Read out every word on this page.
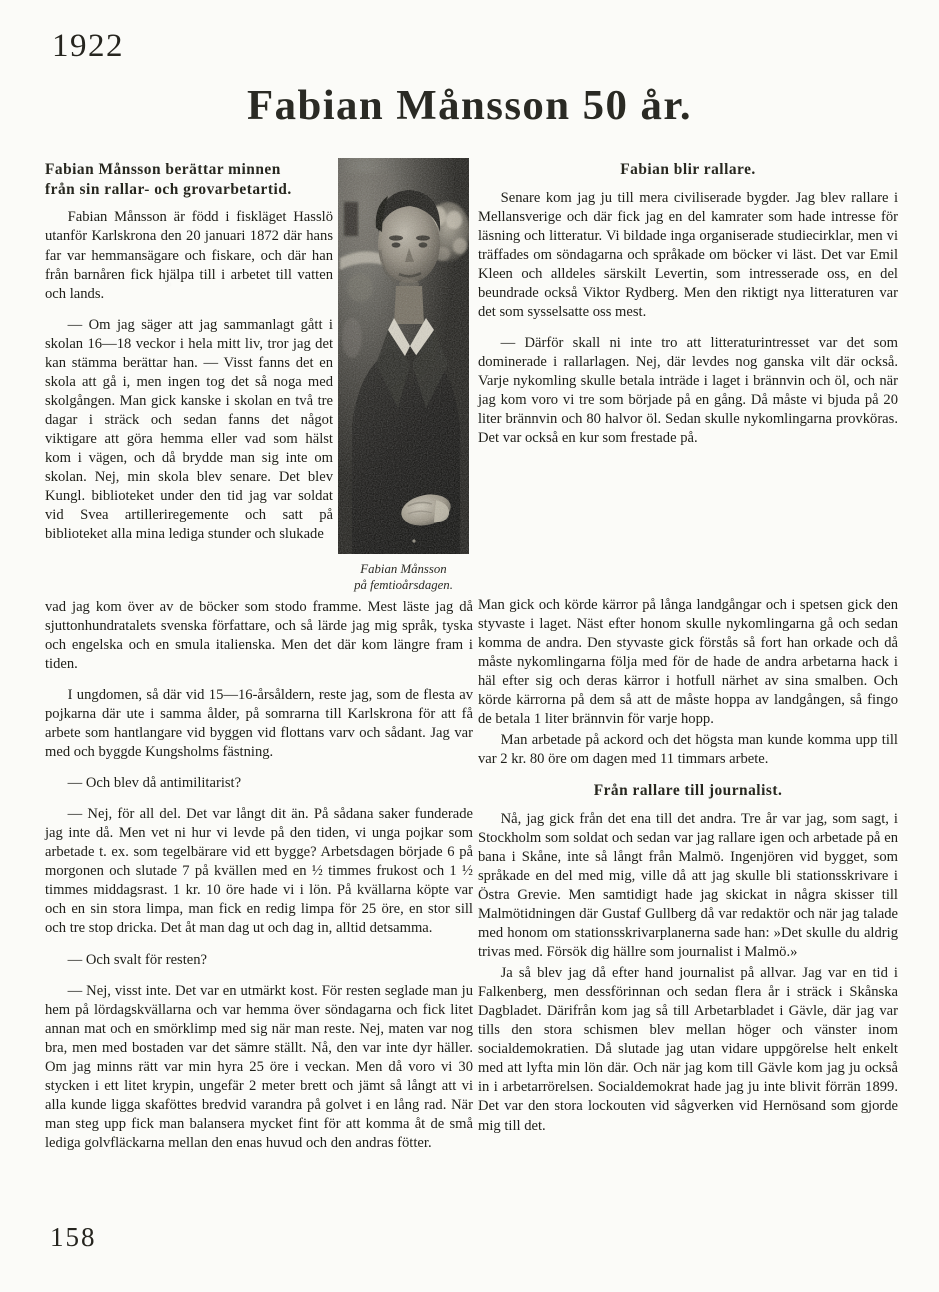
1922
Fabian Månsson 50 år.
Fabian Månsson
på femtioårsdagen.
Fabian Månsson berättar minnen
från sin rallar- och grovarbetartid.

Fabian Månsson är född i fiskläget Hasslö utanför Karlskrona den 20 januari 1872 där hans far var hemmansägare och fiskare, och där han från barnåren fick hjälpa till i arbetet till vatten och lands.

— Om jag säger att jag sammanlagt gått i skolan 16—18 veckor i hela mitt liv, tror jag det kan stämma berättar han. — Visst fanns det en skola att gå i, men ingen tog det så noga med skolgången. Man gick kanske i skolan en två tre dagar i sträck och sedan fanns det något viktigare att göra hemma eller vad som hälst kom i vägen, och då brydde man sig inte om skolan. Nej, min skola blev senare. Det blev Kungl. biblioteket under den tid jag var soldat vid Svea artilleriregemente och satt på biblioteket alla mina lediga stunder och slukade

Fabian blir rallare.

Senare kom jag ju till mera civiliserade bygder. Jag blev rallare i Mellansverige och där fick jag en del kamrater som hade intresse för läsning och litteratur. Vi bildade inga organiserade studiecirklar, men vi träffades om söndagarna och språkade om böcker vi läst. Det var Emil Kleen och alldeles särskilt Levertin, som intresserade oss, en del beundrade också Viktor Rydberg. Men den riktigt nya litteraturen var det som sysselsatte oss mest.

— Därför skall ni inte tro att litteraturintresset var det som dominerade i rallarlagen. Nej, där levdes nog ganska vilt där också. Varje nykomling skulle betala inträde i laget i brännvin och öl, och när jag kom voro vi tre som började på en gång. Då måste vi bjuda på 20 liter brännvin och 80 halvor öl. Sedan skulle nykomlingarna provköras. Det var också en kur som frestade på.

vad jag kom över av de böcker som stodo framme. Mest läste jag då sjuttonhundratalets svenska författare, och så lärde jag mig språk, tyska och engelska och en smula italienska. Men det där kom längre fram i tiden.

I ungdomen, så där vid 15—16-årsåldern, reste jag, som de flesta av pojkarna där ute i samma ålder, på somrarna till Karlskrona för att få arbete som hantlangare vid byggen vid flottans varv och sådant. Jag var med och byggde Kungsholms fästning.

— Och blev då antimilitarist?

— Nej, för all del. Det var långt dit än. På sådana saker funderade jag inte då. Men vet ni hur vi levde på den tiden, vi unga pojkar som arbetade t. ex. som tegelbärare vid ett bygge? Arbetsdagen började 6 på morgonen och slutade 7 på kvällen med en ½ timmes frukost och 1 ½ timmes middagsrast. 1 kr. 10 öre hade vi i lön. På kvällarna köpte var och en sin stora limpa, man fick en redig limpa för 25 öre, en stor sill och tre stop dricka. Det åt man dag ut och dag in, alltid detsamma.

— Och svalt för resten?

— Nej, visst inte. Det var en utmärkt kost. För resten seglade man ju hem på lördagskvällarna och var hemma över söndagarna och fick litet annan mat och en smörklimp med sig när man reste. Nej, maten var nog bra, men med bostaden var det sämre ställt. Nå, den var inte dyr häller. Om jag minns rätt var min hyra 25 öre i veckan. Men då voro vi 30 stycken i ett litet krypin, ungefär 2 meter brett och jämt så långt att vi alla kunde ligga skaföttes bredvid varandra på golvet i en lång rad. När man steg upp fick man balansera mycket fint för att komma åt de små lediga golvfläckarna mellan den enas huvud och den andras fötter.

Man gick och körde kärror på långa landgångar och i spetsen gick den styvaste i laget. Näst efter honom skulle nykomlingarna gå och sedan komma de andra. Den styvaste gick förstås så fort han orkade och då måste nykomlingarna följa med för de hade de andra arbetarna hack i häl efter sig och deras kärror i hotfull närhet av sina smalben. Och körde kärrorna på dem så att de måste hoppa av landgången, så fingo de betala 1 liter brännvin för varje hopp.

Man arbetade på ackord och det högsta man kunde komma upp till var 2 kr. 80 öre om dagen med 11 timmars arbete.

Från rallare till journalist.

Nå, jag gick från det ena till det andra. Tre år var jag, som sagt, i Stockholm som soldat och sedan var jag rallare igen och arbetade på en bana i Skåne, inte så långt från Malmö. Ingenjören vid bygget, som språkade en del med mig, ville då att jag skulle bli stationsskrivare i Östra Grevie. Men samtidigt hade jag skickat in några skisser till Malmötidningen där Gustaf Gullberg då var redaktör och när jag talade med honom om stationsskrivarplanerna sade han: »Det skulle du aldrig trivas med. Försök dig hällre som journalist i Malmö.»

Ja så blev jag då efter hand journalist på allvar. Jag var en tid i Falkenberg, men dessförinnan och sedan flera år i sträck i Skånska Dagbladet. Därifrån kom jag så till Arbetarbladet i Gävle, där jag var tills den stora schismen blev mellan höger och vänster inom socialdemokratien. Då slutade jag utan vidare uppgörelse helt enkelt med att lyfta min lön där. Och när jag kom till Gävle kom jag ju också in i arbetarrörelsen. Socialdemokrat hade jag ju inte blivit förrän 1899. Det var den stora lockouten vid sågverken vid Hernösand som gjorde mig till det.

158
